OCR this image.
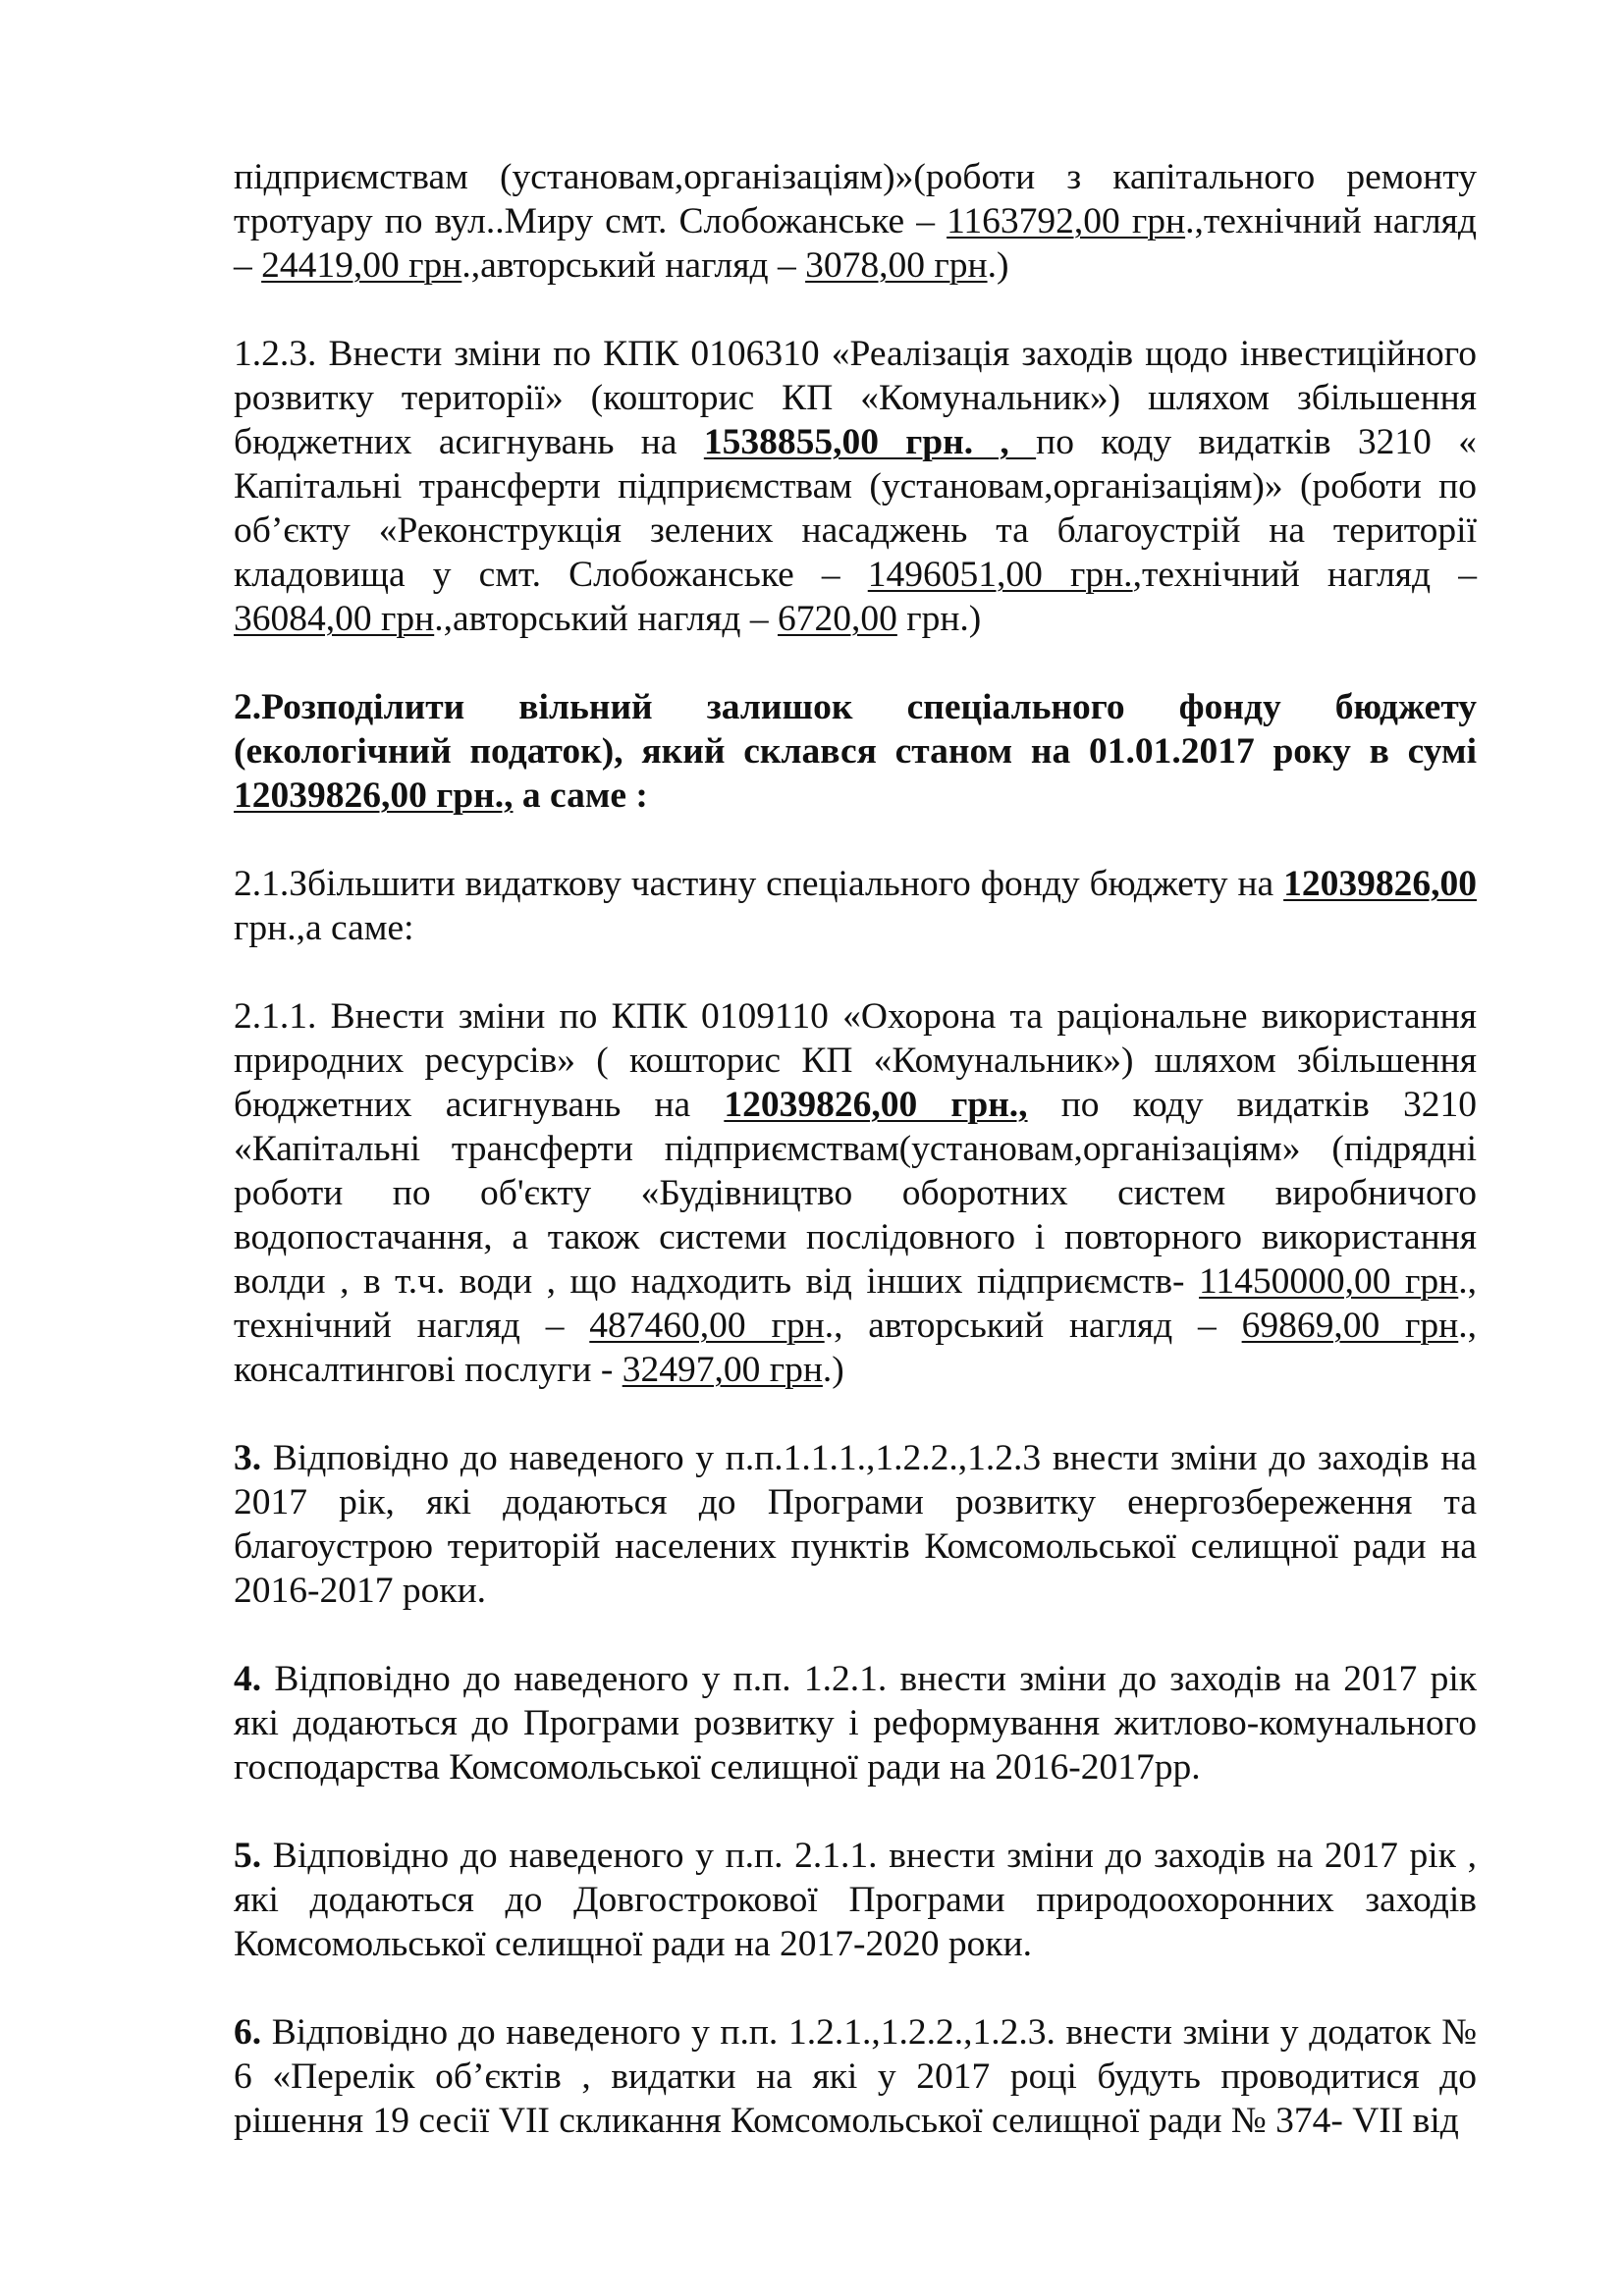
підприємствам (установам,організаціям)»(роботи з капітального ремонту тротуару по вул..Миру смт. Слобожанське – 1163792,00 грн.,технічний нагляд – 24419,00 грн.,авторський нагляд – 3078,00 грн.)

1.2.3. Внести зміни по КПК 0106310 «Реалізація заходів щодо інвестиційного розвитку території» (кошторис КП «Комунальник») шляхом збільшення бюджетних асигнувань на 1538855,00 грн. , по коду видатків 3210 « Капітальні трансферти підприємствам (установам,організаціям)» (роботи по об’єкту «Реконструкція зелених насаджень та благоустрій на території кладовища у смт. Слобожанське – 1496051,00 грн.,технічний нагляд – 36084,00 грн.,авторський нагляд – 6720,00 грн.)

2.Розподілити вільний залишок спеціального фонду бюджету (екологічний податок), який склався станом на 01.01.2017 року в сумі 12039826,00 грн., а саме :

2.1.Збільшити видаткову частину спеціального фонду бюджету на 12039826,00 грн.,а саме:

2.1.1. Внести зміни по КПК 0109110 «Охорона та раціональне використання природних ресурсів» ( кошторис КП «Комунальник») шляхом збільшення бюджетних асигнувань на 12039826,00 грн., по коду видатків 3210 «Капітальні трансферти підприємствам(установам,організаціям» (підрядні роботи по об'єкту «Будівництво оборотних систем виробничого водопостачання, а також системи послідовного і повторного використання волди , в т.ч. води , що надходить від інших підприємств- 11450000,00 грн., технічний нагляд – 487460,00 грн., авторський нагляд – 69869,00 грн., консалтингові послуги - 32497,00 грн.)

3. Відповідно до наведеного у п.п.1.1.1.,1.2.2.,1.2.3 внести зміни до заходів на 2017 рік, які додаються до Програми розвитку енергозбереження та благоустрою територій населених пунктів Комсомольської селищної ради на 2016-2017 роки.

4. Відповідно до наведеного у п.п. 1.2.1. внести зміни до заходів на 2017 рік які додаються до Програми розвитку і реформування житлово-комунального господарства Комсомольської селищної ради на 2016-2017рр.

5. Відповідно до наведеного у п.п. 2.1.1. внести зміни до заходів на 2017 рік , які додаються до Довгострокової Програми природоохоронних заходів Комсомольської селищної ради на 2017-2020 роки.

6. Відповідно до наведеного у п.п. 1.2.1.,1.2.2.,1.2.3. внести зміни у додаток № 6 «Перелік об’єктів , видатки на які у 2017 році будуть проводитися до рішення 19 сесії VII скликання Комсомольської селищної ради № 374- VII від
